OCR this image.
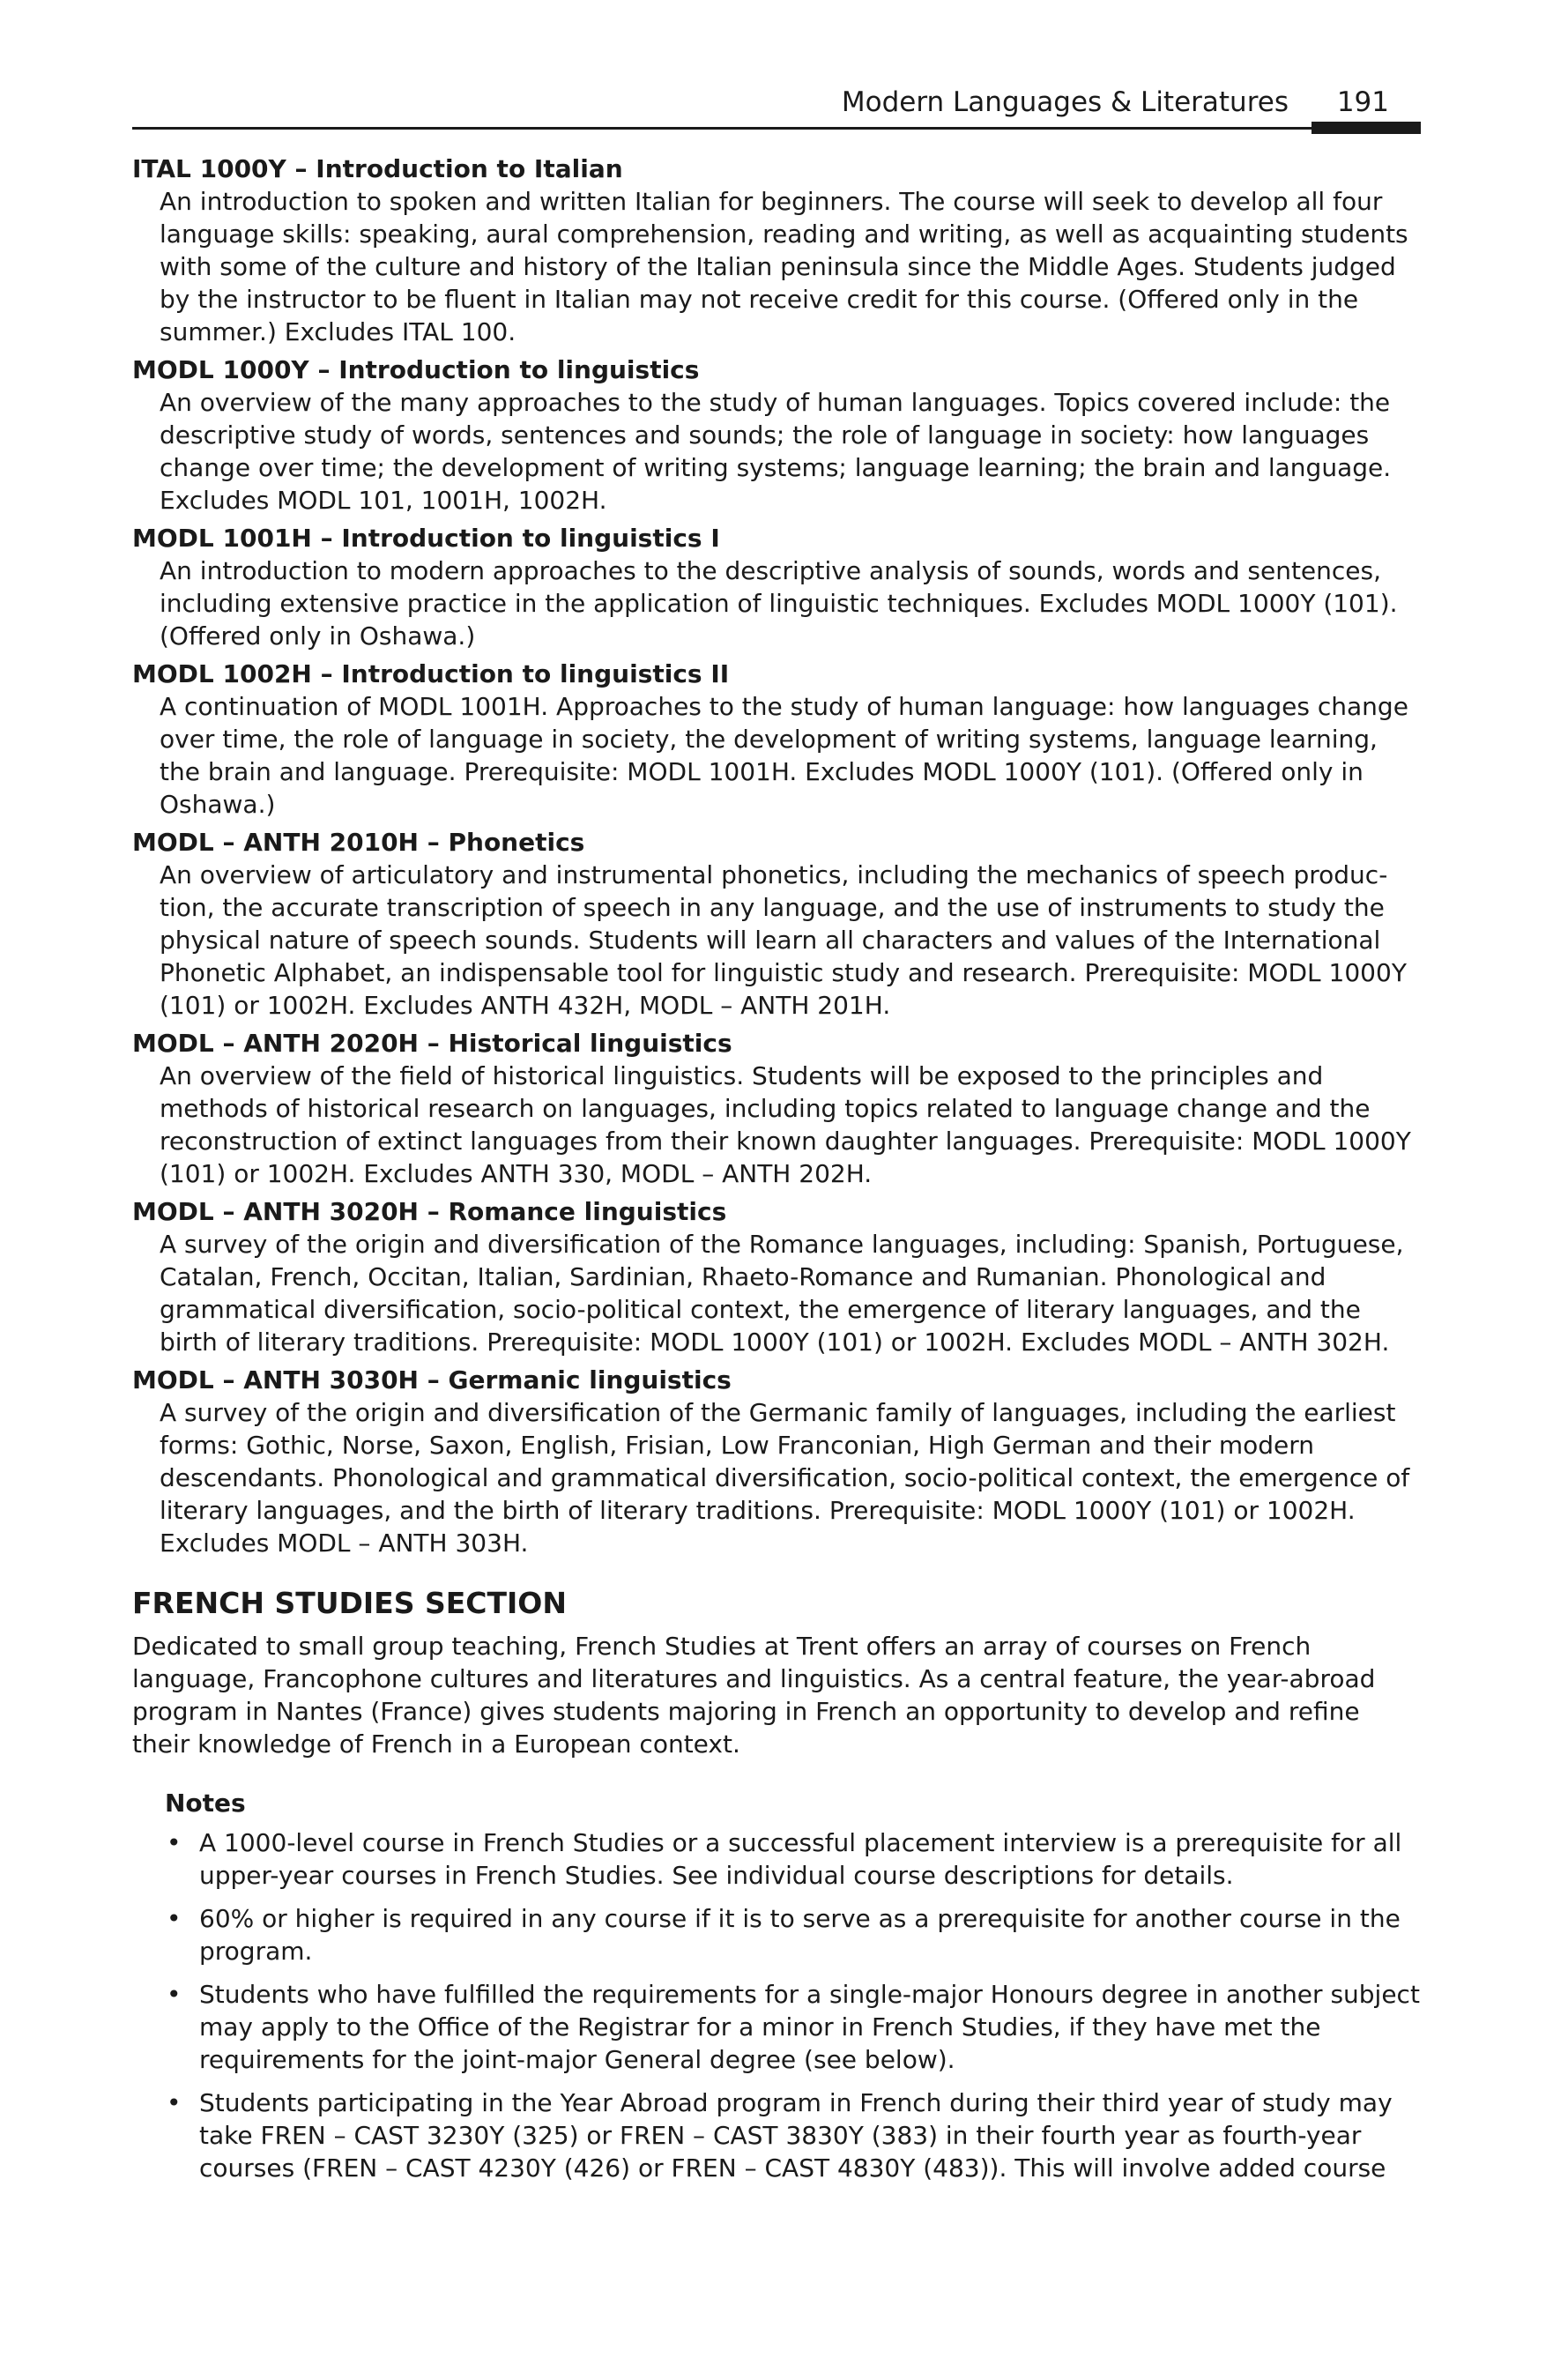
Modern Languages & Literatures 191
ITAL 1000Y – Introduction to Italian
An introduction to spoken and written Italian for beginners. The course will seek to develop all four language skills: speaking, aural comprehension, reading and writing, as well as acquainting students with some of the culture and history of the Italian peninsula since the Middle Ages. Students judged by the instructor to be fluent in Italian may not receive credit for this course. (Offered only in the summer.) Excludes ITAL 100.
MODL 1000Y – Introduction to linguistics
An overview of the many approaches to the study of human languages. Topics covered include: the descriptive study of words, sentences and sounds; the role of language in society: how languages change over time; the development of writing systems; language learning; the brain and language. Excludes MODL 101, 1001H, 1002H.
MODL 1001H – Introduction to linguistics I
An introduction to modern approaches to the descriptive analysis of sounds, words and sentences, including extensive practice in the application of linguistic techniques. Excludes MODL 1000Y (101). (Offered only in Oshawa.)
MODL 1002H – Introduction to linguistics II
A continuation of MODL 1001H. Approaches to the study of human language: how languages change over time, the role of language in society, the development of writing systems, language learning, the brain and language. Prerequisite: MODL 1001H. Excludes MODL 1000Y (101). (Offered only in Oshawa.)
MODL – ANTH 2010H – Phonetics
An overview of articulatory and instrumental phonetics, including the mechanics of speech production, the accurate transcription of speech in any language, and the use of instruments to study the physical nature of speech sounds. Students will learn all characters and values of the International Phonetic Alphabet, an indispensable tool for linguistic study and research. Prerequisite: MODL 1000Y (101) or 1002H. Excludes ANTH 432H, MODL – ANTH 201H.
MODL – ANTH 2020H – Historical linguistics
An overview of the field of historical linguistics. Students will be exposed to the principles and methods of historical research on languages, including topics related to language change and the reconstruction of extinct languages from their known daughter languages. Prerequisite: MODL 1000Y (101) or 1002H. Excludes ANTH 330, MODL – ANTH 202H.
MODL – ANTH 3020H – Romance linguistics
A survey of the origin and diversification of the Romance languages, including: Spanish, Portuguese, Catalan, French, Occitan, Italian, Sardinian, Rhaeto-Romance and Rumanian. Phonological and grammatical diversification, socio-political context, the emergence of literary languages, and the birth of literary traditions. Prerequisite: MODL 1000Y (101) or 1002H. Excludes MODL – ANTH 302H.
MODL – ANTH 3030H – Germanic linguistics
A survey of the origin and diversification of the Germanic family of languages, including the earliest forms: Gothic, Norse, Saxon, English, Frisian, Low Franconian, High German and their modern descendants. Phonological and grammatical diversification, socio-political context, the emergence of literary languages, and the birth of literary traditions. Prerequisite: MODL 1000Y (101) or 1002H. Excludes MODL – ANTH 303H.
FRENCH STUDIES SECTION
Dedicated to small group teaching, French Studies at Trent offers an array of courses on French language, Francophone cultures and literatures and linguistics. As a central feature, the year-abroad program in Nantes (France) gives students majoring in French an opportunity to develop and refine their knowledge of French in a European context.
Notes
• A 1000-level course in French Studies or a successful placement interview is a prerequisite for all upper-year courses in French Studies. See individual course descriptions for details.
• 60% or higher is required in any course if it is to serve as a prerequisite for another course in the program.
• Students who have fulfilled the requirements for a single-major Honours degree in another subject may apply to the Office of the Registrar for a minor in French Studies, if they have met the requirements for the joint-major General degree (see below).
• Students participating in the Year Abroad program in French during their third year of study may take FREN – CAST 3230Y (325) or FREN – CAST 3830Y (383) in their fourth year as fourth-year courses (FREN – CAST 4230Y (426) or FREN – CAST 4830Y (483)). This will involve added course
